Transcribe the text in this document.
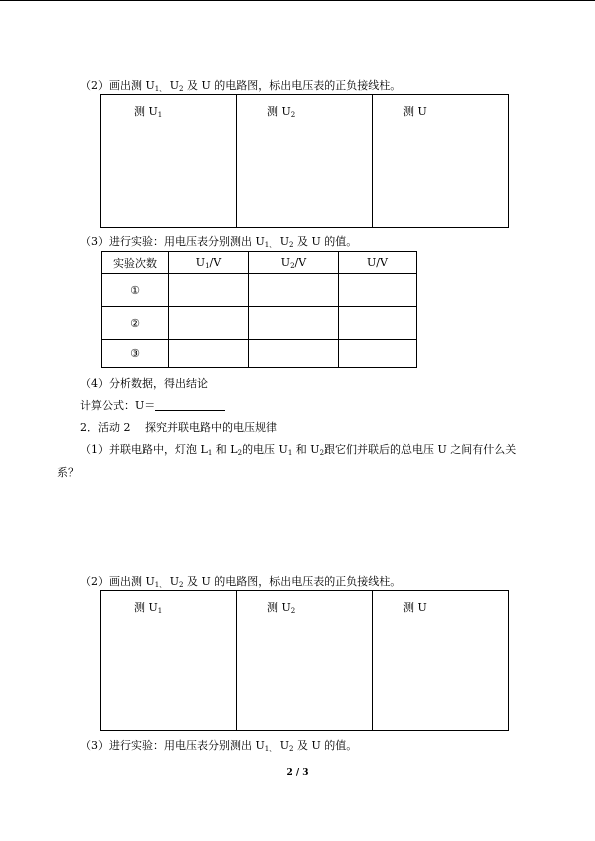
（2）画出测 $U_{1、}$ $U_2$ 及 U 的电路图，标出电压表的正负接线柱。
测 $U_1$	测 $U_2$	测 U
（3）进行实验：用电压表分别测出 $U_{1、}$ $U_2$ 及 U 的值。
实验次数	$U_1/V$	$U_2/V$	U/V
①			
②			
③			
（4）分析数据，得出结论
计算公式：U＝
2．活动 2　 探究并联电路中的电压规律
（1）并联电路中，灯泡 $L_1$ 和 $L_2$的电压 $U_1$ 和 $U_2$跟它们并联后的总电压 U 之间有什么关
系？
（2）画出测 $U_{1、}$ $U_2$ 及 U 的电路图，标出电压表的正负接线柱。
测 $U_1$	测 $U_2$	测 U
（3）进行实验：用电压表分别测出 $U_{1、}$ $U_2$ 及 U 的值。
2 / 3
